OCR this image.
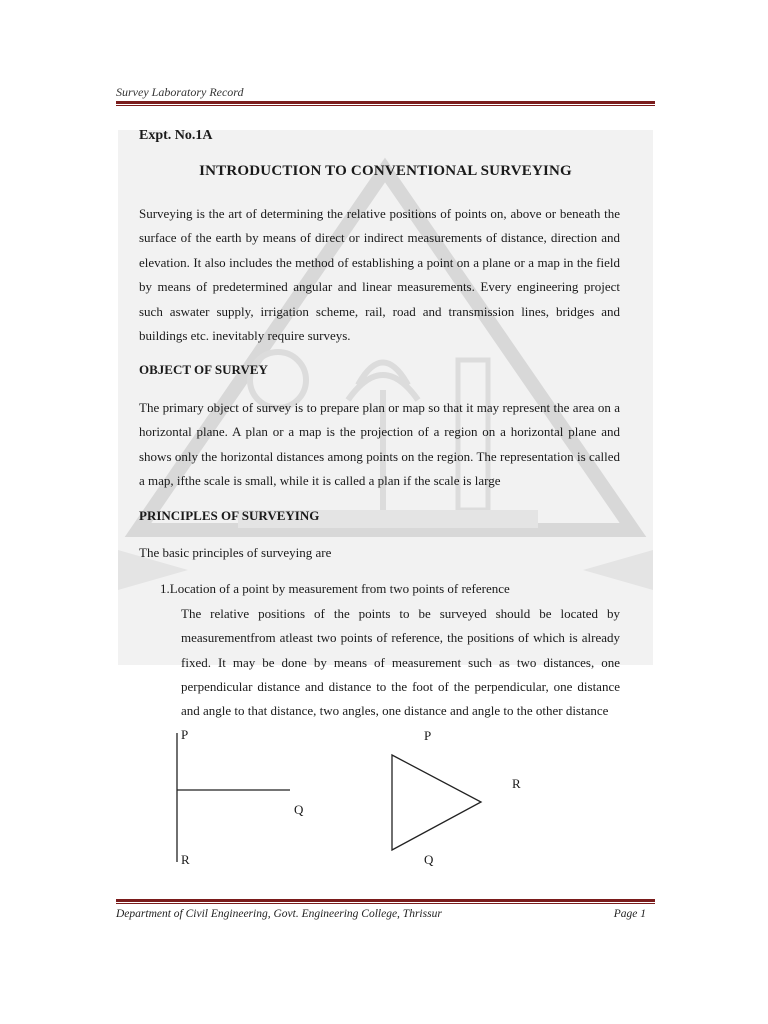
Survey Laboratory Record
Expt. No.1A
INTRODUCTION TO CONVENTIONAL SURVEYING
Surveying is the art of determining the relative positions of points on, above or beneath the surface of the earth by means of direct or indirect measurements of distance, direction and elevation. It also includes the method of establishing a point on a plane or a map in the field by means of predetermined angular and linear measurements. Every engineering project such aswater supply, irrigation scheme, rail, road and transmission lines, bridges and buildings etc. inevitably require surveys.
OBJECT OF SURVEY
The primary object of survey is to prepare plan or map so that it may represent the area on a horizontal plane. A plan or a map is the projection of a region on a horizontal plane and shows only the horizontal distances among points on the region. The representation is called a map, ifthe scale is small, while it is called a plan if the scale is large
PRINCIPLES OF SURVEYING
The basic principles of surveying are
1.Location of a point by measurement from two points of reference
The relative positions of the points to be surveyed should be located by measurementfrom atleast two points of reference, the positions of which is already fixed. It may be done by means of measurement such as two distances, one perpendicular distance and distance to the foot of the perpendicular, one distance and angle to that distance, two angles, one distance and angle to the other distance
P
Q
R
P
R
Q
Department of Civil Engineering, Govt. Engineering College, Thrissur	Page 1
